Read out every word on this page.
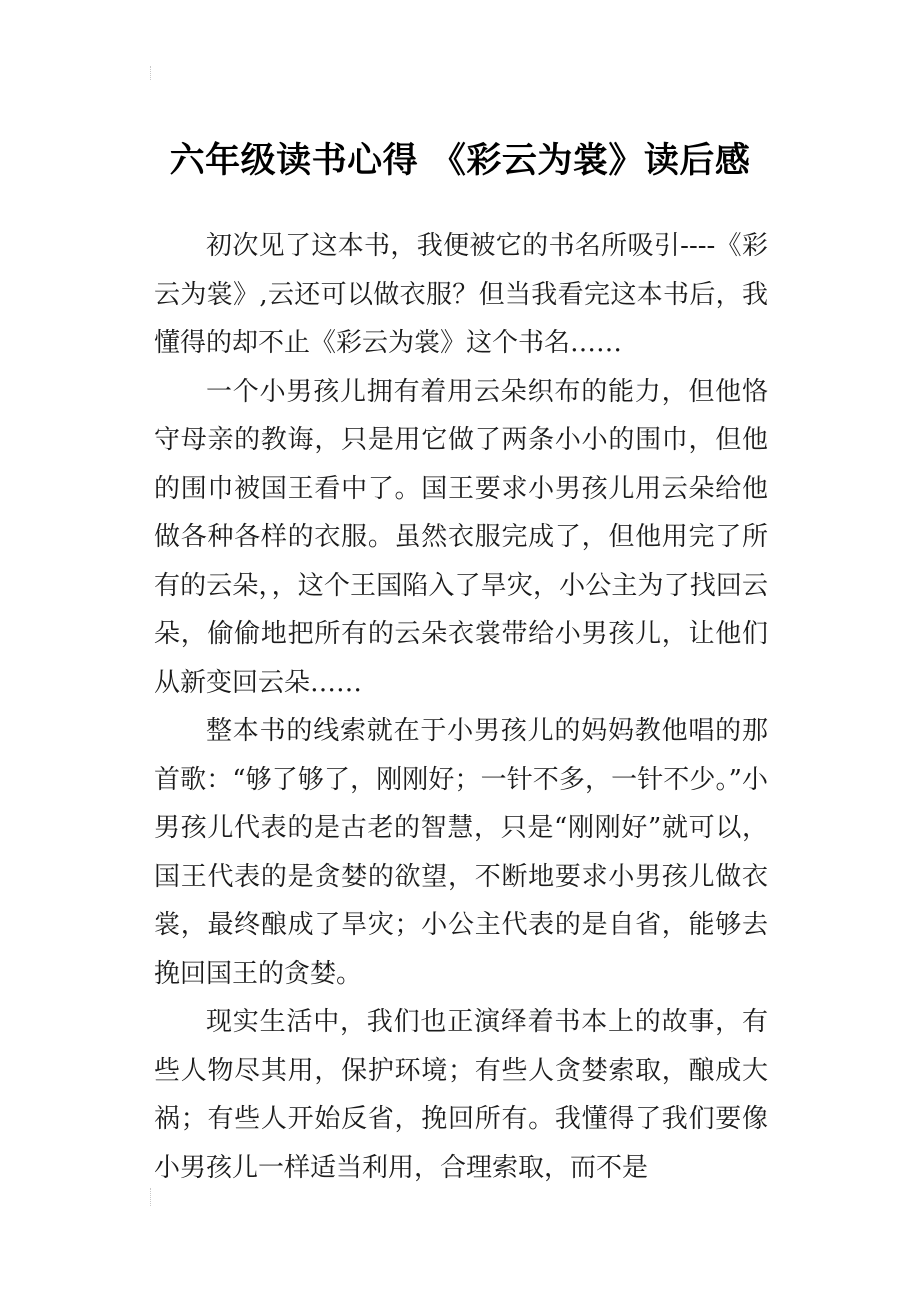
六年级读书心得 《彩云为裳》读后感

初次见了这本书，我便被它的书名所吸引----《彩云为裳》,云还可以做衣服？但当我看完这本书后，我懂得的却不止《彩云为裳》这个书名……

一个小男孩儿拥有着用云朵织布的能力，但他恪守母亲的教诲，只是用它做了两条小小的围巾，但他的围巾被国王看中了。国王要求小男孩儿用云朵给他做各种各样的衣服。虽然衣服完成了，但他用完了所有的云朵，，这个王国陷入了旱灾，小公主为了找回云朵，偷偷地把所有的云朵衣裳带给小男孩儿，让他们从新变回云朵……

整本书的线索就在于小男孩儿的妈妈教他唱的那首歌：“够了够了，刚刚好；一针不多，一针不少。”小男孩儿代表的是古老的智慧，只是“刚刚好”就可以，国王代表的是贪婪的欲望，不断地要求小男孩儿做衣裳，最终酿成了旱灾；小公主代表的是自省，能够去挽回国王的贪婪。

现实生活中，我们也正演绎着书本上的故事，有些人物尽其用，保护环境；有些人贪婪索取，酿成大祸；有些人开始反省，挽回所有。我懂得了我们要像小男孩儿一样适当利用，合理索取，而不是
